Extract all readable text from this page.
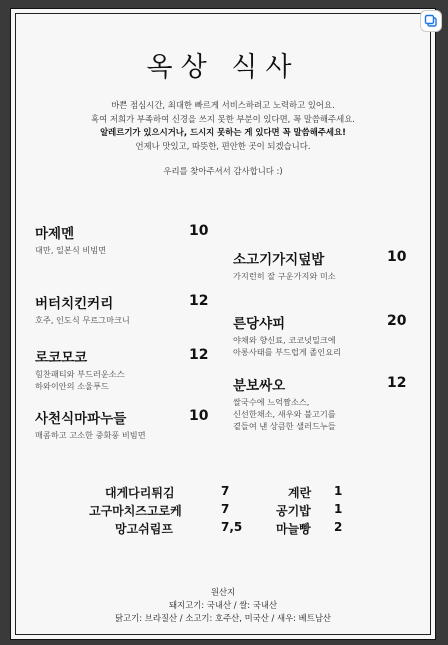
옥상 식사
바쁜 점심시간, 최대한 빠르게 서비스하려고 노력하고 있어요.
혹여 저희가 부족하여 신경을 쓰지 못한 부분이 있다면, 꼭 말씀해주세요.
알레르기가 있으시거나, 드시지 못하는 게 있다면 꼭 말씀해주세요!
언제나 맛있고, 따뜻한, 편안한 곳이 되겠습니다.
우리를 찾아주셔서 감사합니다 :)
마제멘
대만, 일본식 비빔면
10
버터치킨커리
호주, 인도식 무르그마크니
12
로코모코
힘찬패티와 부드러운소스
하와이안의 소울푸드
12
사천식마파누들
매콤하고 고소한 중화풍 비빔면
10
소고기가지덮밥
가지런히 잘 구운가지와 미소
10
른당샤피
야채와 향신료, 코코넛밀크에
아롱사태를 부드럽게 졸인요리
20
분보싸오
쌀국수에 느억짬소스,
신선한채소, 새우와 불고기를
곁들여 낸 상큼한 샐러드누들
12
대게다리튀김	7
고구마치즈고로케	7
망고쉬림프	7,5
계란 1
공기밥 1
마늘빵 2
원산지
돼지고기: 국내산 / 쌀: 국내산
닭고기: 브라질산 / 소고기: 호주산, 미국산 / 새우: 베트남산
